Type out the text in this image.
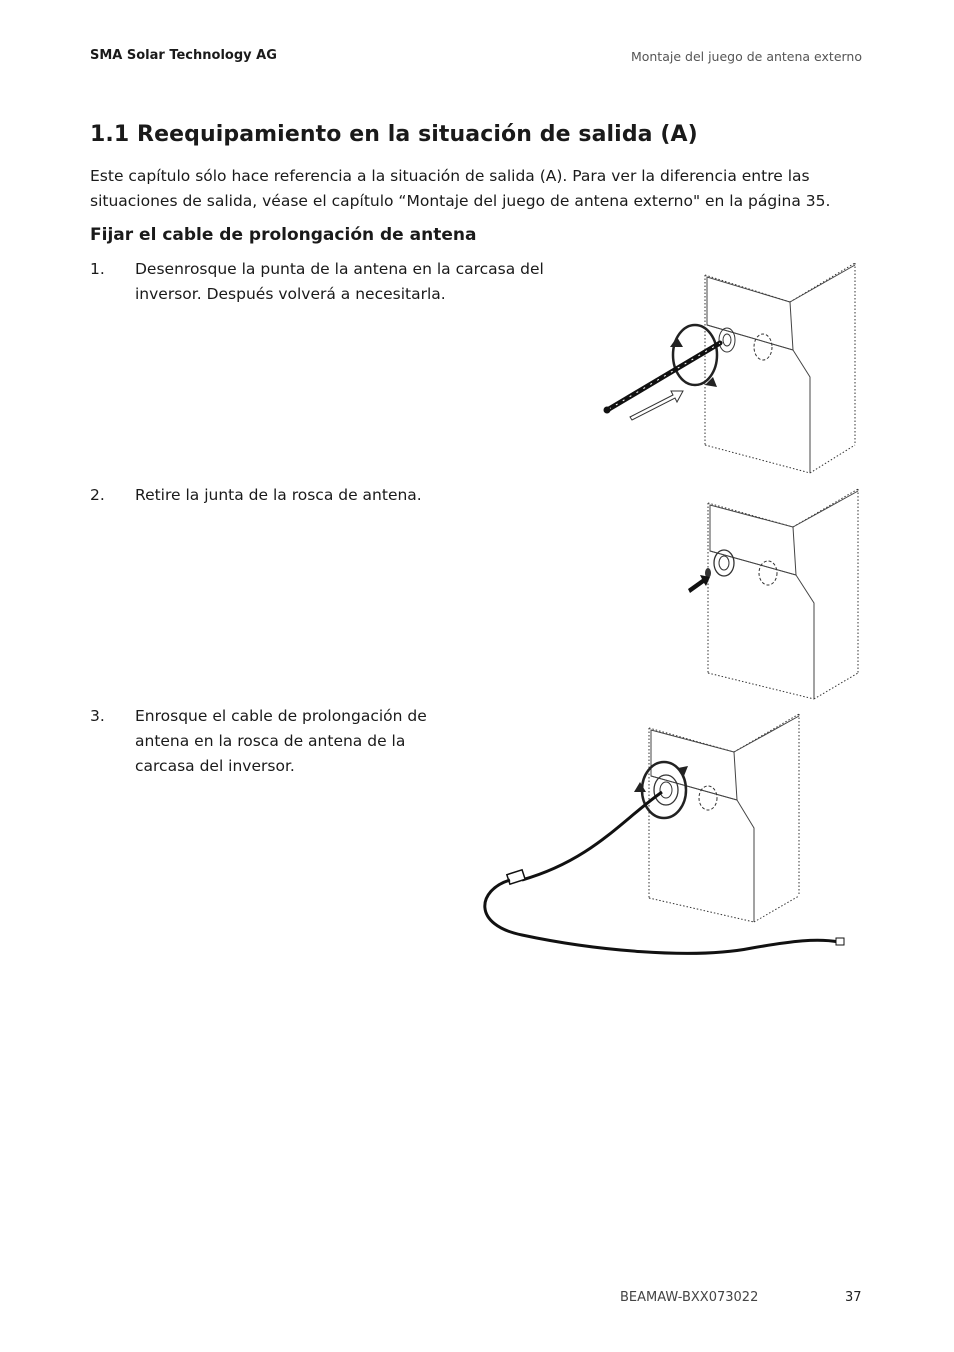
SMA Solar Technology AG	Montaje del juego de antena externo
1.1 Reequipamiento en la situación de salida (A)

Este capítulo sólo hace referencia a la situación de salida (A). Para ver la diferencia entre las situaciones de salida, véase el capítulo “Montaje del juego de antena externo" en la página 35.

Fijar el cable de prolongación de antena
1.	Desenrosque la punta de la antena en la carcasa del inversor. Después volverá a necesitarla.
2.	Retire la junta de la rosca de antena.
3.	Enrosque el cable de prolongación de antena en la rosca de antena de la carcasa del inversor.
BEAMAW-BXX073022	37
